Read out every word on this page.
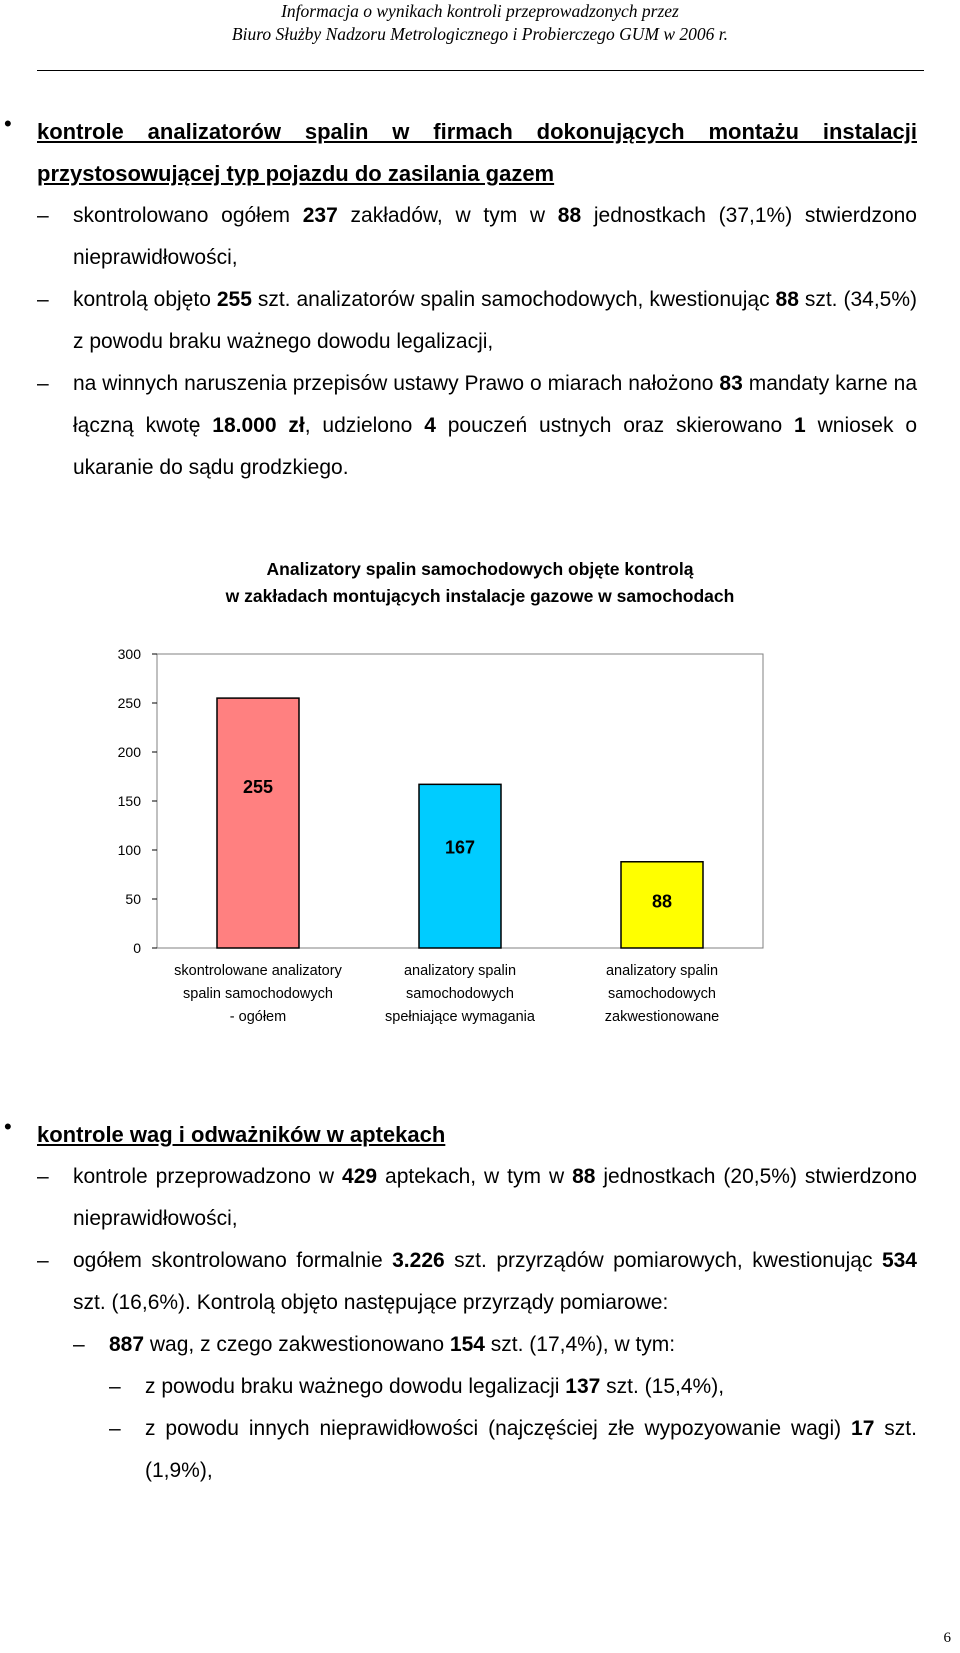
Informacja o wynikach kontroli przeprowadzonych przez
Biuro Służby Nadzoru Metrologicznego i Probierczego GUM w 2006 r.
• kontrole analizatorów spalin w firmach dokonujących montażu instalacji przystosowującej typ pojazdu do zasilania gazem
– skontrolowano ogółem 237 zakładów, w tym w 88 jednostkach (37,1%) stwierdzono nieprawidłowości,
– kontrolą objęto 255 szt. analizatorów spalin samochodowych, kwestionując 88 szt. (34,5%) z powodu braku ważnego dowodu legalizacji,
– na winnych naruszenia przepisów ustawy Prawo o miarach nałożono 83 mandaty karne na łączną kwotę 18.000 zł, udzielono 4 pouczeń ustnych oraz skierowano 1 wniosek o ukaranie do sądu grodzkiego.
Analizatory spalin samochodowych objęte kontrolą
w zakładach montujących instalacje gazowe w samochodach
0
50
100
150
200
250
300
255
167
88
skontrolowane analizatory
spalin samochodowych
- ogółem
analizatory spalin
samochodowych
spełniające wymagania
analizatory spalin
samochodowych
zakwestionowane
• kontrole wag i odważników w aptekach
– kontrole przeprowadzono w 429 aptekach, w tym w 88 jednostkach (20,5%) stwierdzono nieprawidłowości,
– ogółem skontrolowano formalnie 3.226 szt. przyrządów pomiarowych, kwestionując 534 szt. (16,6%). Kontrolą objęto następujące przyrządy pomiarowe:
– 887 wag, z czego zakwestionowano 154 szt. (17,4%), w tym:
– z powodu braku ważnego dowodu legalizacji 137 szt. (15,4%),
– z powodu innych nieprawidłowości (najczęściej złe wypozyowanie wagi) 17 szt. (1,9%),
6
